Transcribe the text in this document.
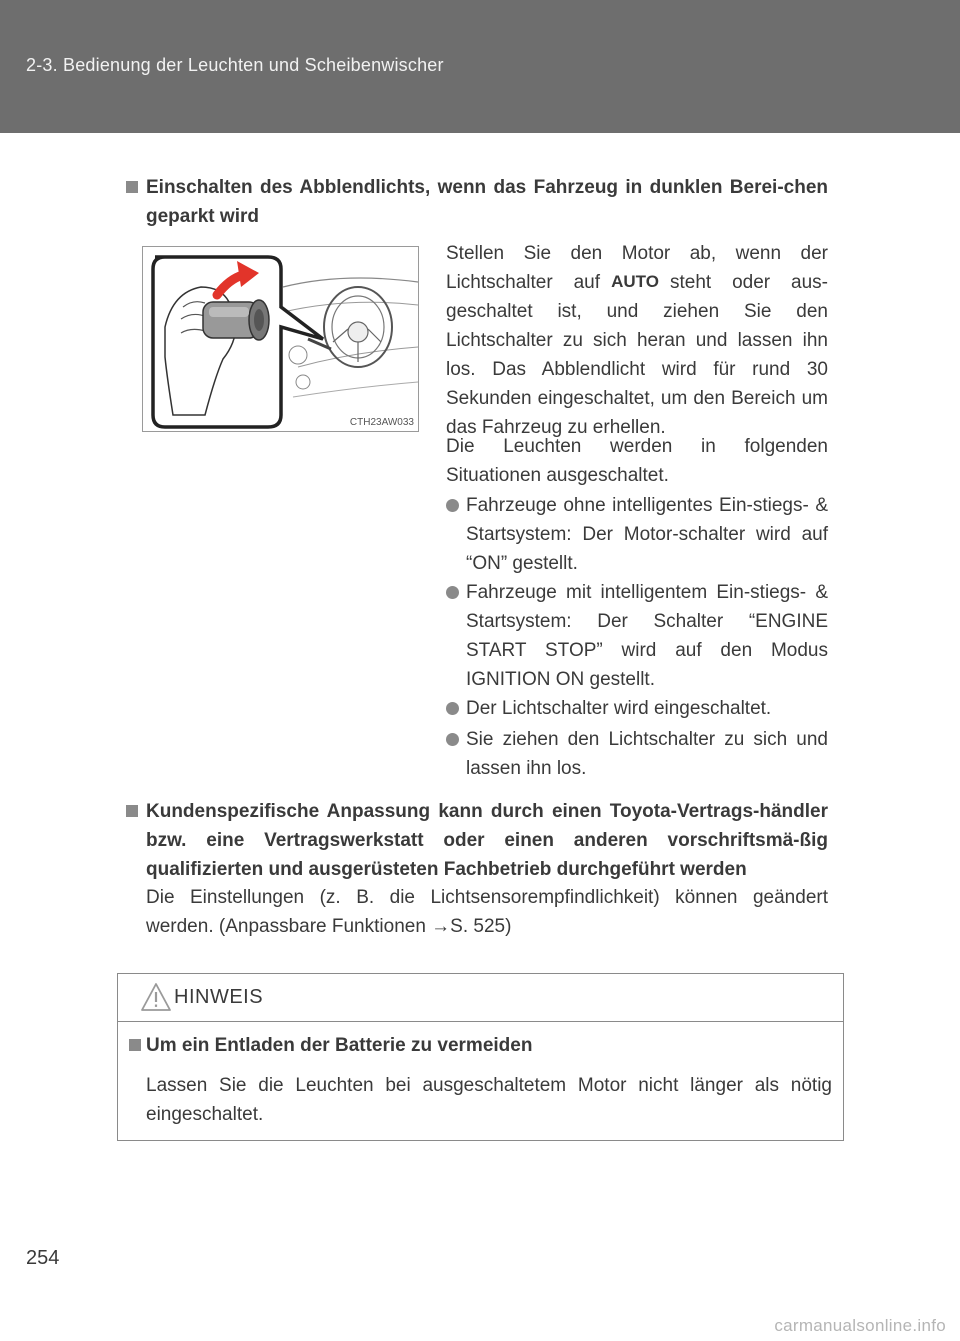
2-3. Bedienung der Leuchten und Scheibenwischer
Einschalten des Abblendlichts, wenn das Fahrzeug in dunklen Berei-chen geparkt wird
CTH23AW033
Stellen Sie den Motor ab, wenn der Lichtschalter auf AUTO steht oder aus-geschaltet ist, und ziehen Sie den Lichtschalter zu sich heran und lassen ihn los. Das Abblendlicht wird für rund 30 Sekunden eingeschaltet, um den Bereich um das Fahrzeug zu erhellen.
Die Leuchten werden in folgenden Situationen ausgeschaltet.
Fahrzeuge ohne intelligentes Ein-stiegs- & Startsystem: Der Motor-schalter wird auf “ON” gestellt.
Fahrzeuge mit intelligentem Ein-stiegs- & Startsystem: Der Schalter “ENGINE START STOP” wird auf den Modus IGNITION ON gestellt.
Der Lichtschalter wird eingeschaltet.
Sie ziehen den Lichtschalter zu sich und lassen ihn los.
Kundenspezifische Anpassung kann durch einen Toyota-Vertrags-händler bzw. eine Vertragswerkstatt oder einen anderen vorschriftsmä-ßig qualifizierten und ausgerüsteten Fachbetrieb durchgeführt werden
Die Einstellungen (z. B. die Lichtsensorempfindlichkeit) können geändert werden. (Anpassbare Funktionen →S. 525)
HINWEIS
Um ein Entladen der Batterie zu vermeiden
Lassen Sie die Leuchten bei ausgeschaltetem Motor nicht länger als nötig eingeschaltet.
254
carmanualsonline.info
